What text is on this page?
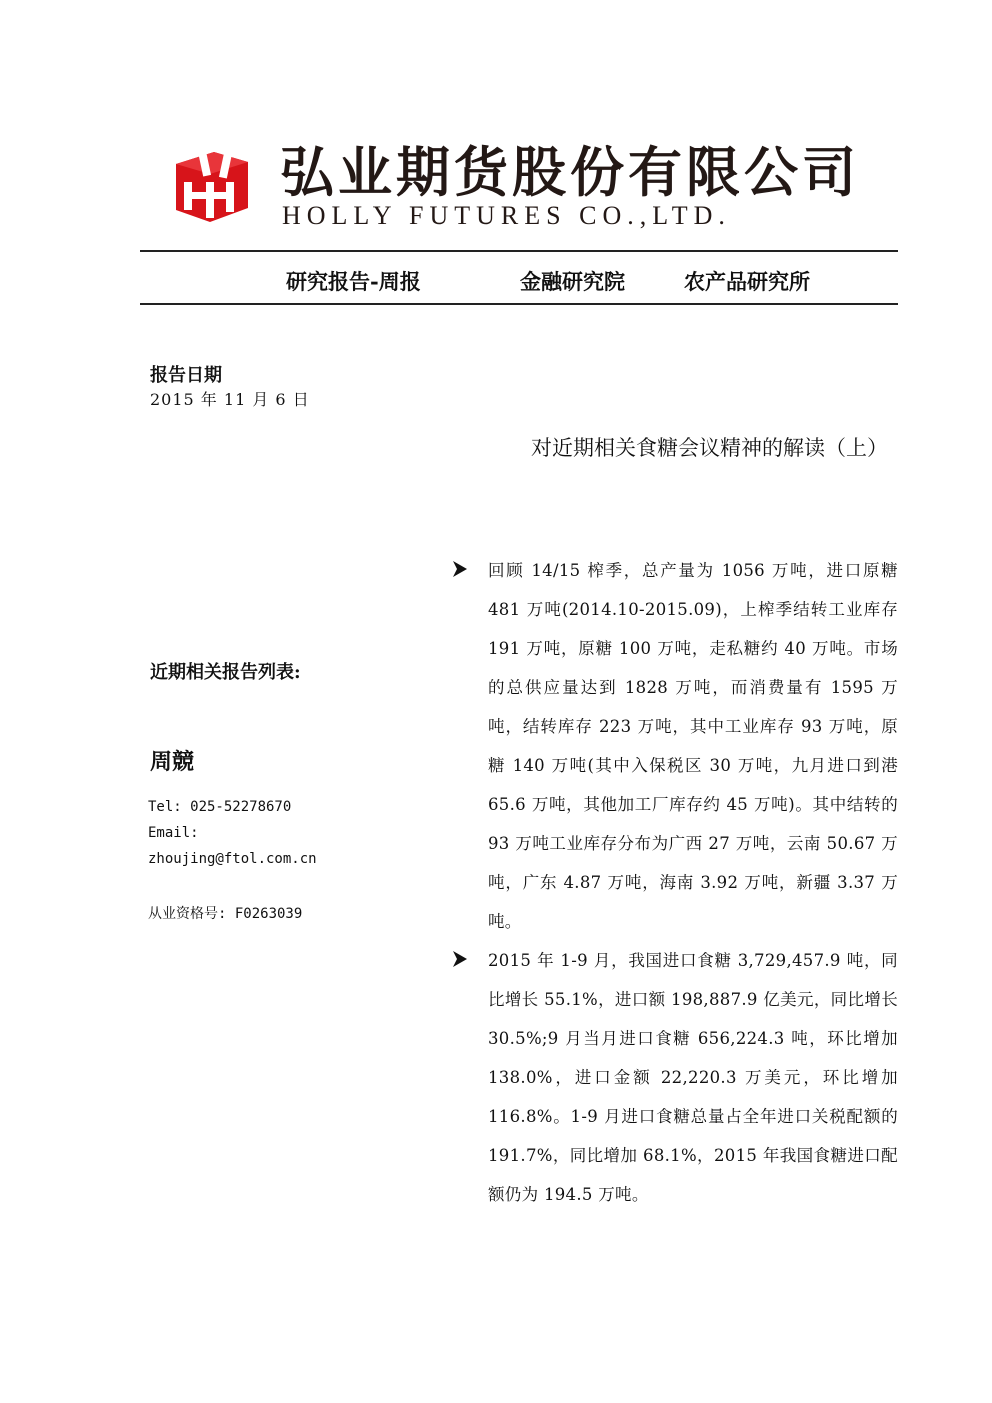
弘业期货股份有限公司
HOLLY FUTURES CO.,LTD.
研究报告-周报	金融研究院	农产品研究所
报告日期
2015 年 11 月 6 日
对近期相关食糖会议精神的解读（上）
近期相关报告列表:
周競
Tel: 025-52278670
Email:
zhoujing@ftol.com.cn
从业资格号: F0263039
回顾 14/15 榨季，总产量为 1056 万吨，进口原糖 481 万吨(2014.10-2015.09)，上榨季结转工业库存 191 万吨，原糖 100 万吨，走私糖约 40 万吨。市场的总供应量达到 1828 万吨，而消费量有 1595 万吨，结转库存 223 万吨，其中工业库存 93 万吨，原糖 140 万吨(其中入保税区 30 万吨，九月进口到港 65.6 万吨，其他加工厂库存约 45 万吨)。其中结转的 93 万吨工业库存分布为广西 27 万吨，云南 50.67 万吨，广东 4.87 万吨，海南 3.92 万吨，新疆 3.37 万吨。
2015 年 1-9 月，我国进口食糖 3,729,457.9 吨，同比增长 55.1%，进口额 198,887.9 亿美元，同比增长 30.5%;9 月当月进口食糖 656,224.3 吨，环比增加 138.0%，进口金额 22,220.3 万美元，环比增加 116.8%。1-9 月进口食糖总量占全年进口关税配额的 191.7%，同比增加 68.1%，2015 年我国食糖进口配额仍为 194.5 万吨。
